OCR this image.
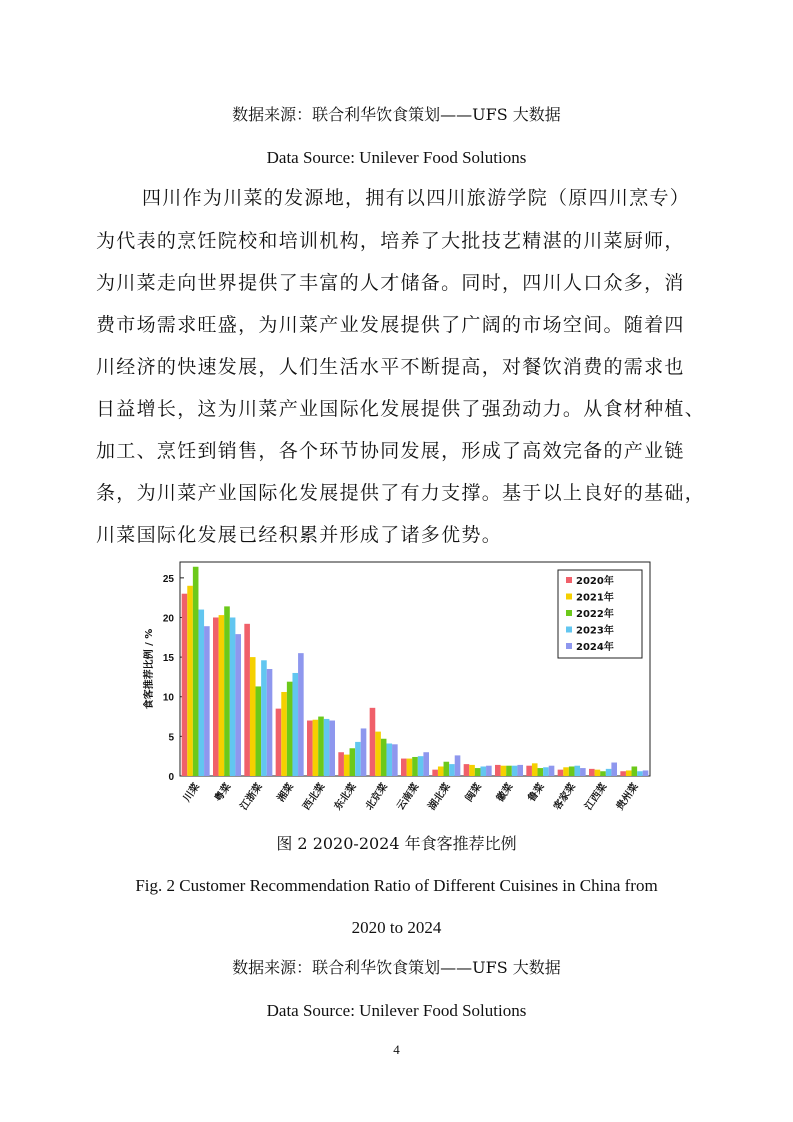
数据来源：联合利华饮食策划——UFS 大数据
Data Source: Unilever Food Solutions
四川作为川菜的发源地，拥有以四川旅游学院（原四川烹专）
为代表的烹饪院校和培训机构，培养了大批技艺精湛的川菜厨师，
为川菜走向世界提供了丰富的人才储备。同时，四川人口众多，消
费市场需求旺盛，为川菜产业发展提供了广阔的市场空间。随着四
川经济的快速发展，人们生活水平不断提高，对餐饮消费的需求也
日益增长，这为川菜产业国际化发展提供了强劲动力。从食材种植、
加工、烹饪到销售，各个环节协同发展，形成了高效完备的产业链
条，为川菜产业国际化发展提供了有力支撑。基于以上良好的基础，
川菜国际化发展已经积累并形成了诸多优势。
0
5
10
15
20
25
食客推荐比例 / %
川菜 粤菜 江浙菜 湘菜 西北菜 东北菜 北京菜 云南菜 湖北菜 闽菜 徽菜 鲁菜 客家菜 江西菜 贵州菜
2020年
2021年
2022年
2023年
2024年
图 2 2020-2024 年食客推荐比例
Fig. 2 Customer Recommendation Ratio of Different Cuisines in China from
2020 to 2024
数据来源：联合利华饮食策划——UFS 大数据
Data Source: Unilever Food Solutions
4
